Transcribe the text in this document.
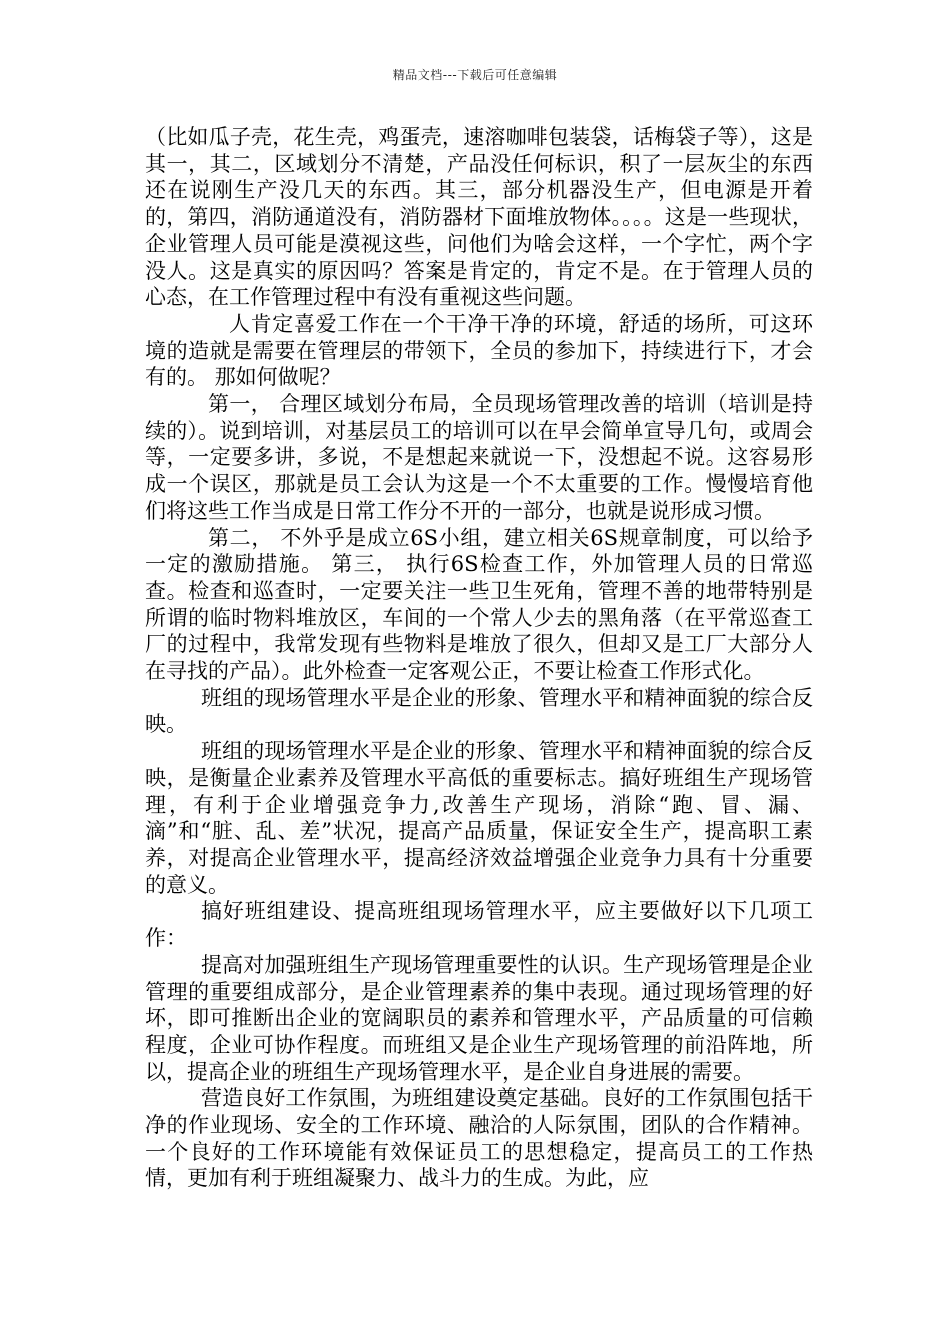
精品文档---下载后可任意编辑

（比如瓜子壳，花生壳，鸡蛋壳，速溶咖啡包装袋，话梅袋子等），这是其一，其二，区域划分不清楚，产品没任何标识，积了一层灰尘的东西还在说刚生产没几天的东西。其三，部分机器没生产，但电源是开着的，第四，消防通道没有，消防器材下面堆放物体。。。。这是一些现状，企业管理人员可能是漠视这些，问他们为啥会这样，一个字忙，两个字没人。这是真实的原因吗？答案是肯定的，肯定不是。在于管理人员的心态，在工作管理过程中有没有重视这些问题。

人肯定喜爱工作在一个干净干净的环境，舒适的场所，可这环境的造就是需要在管理层的带领下，全员的参加下，持续进行下，才会有的。 那如何做呢？

第一， 合理区域划分布局，全员现场管理改善的培训（培训是持续的）。说到培训，对基层员工的培训可以在早会简单宣导几句，或周会等，一定要多讲，多说，不是想起来就说一下，没想起不说。这容易形成一个误区，那就是员工会认为这是一个不太重要的工作。慢慢培育他们将这些工作当成是日常工作分不开的一部分，也就是说形成习惯。

第二， 不外乎是成立6S小组，建立相关6S规章制度，可以给予一定的激励措施。 第三， 执行6S检查工作，外加管理人员的日常巡查。检查和巡查时，一定要关注一些卫生死角，管理不善的地带特别是所谓的临时物料堆放区，车间的一个常人少去的黑角落（在平常巡查工厂的过程中，我常发现有些物料是堆放了很久，但却又是工厂大部分人在寻找的产品）。此外检查一定客观公正，不要让检查工作形式化。

班组的现场管理水平是企业的形象、管理水平和精神面貌的综合反映。

班组的现场管理水平是企业的形象、管理水平和精神面貌的综合反映，是衡量企业素养及管理水平高低的重要标志。搞好班组生产现场管理，有利于企业增强竞争力,改善生产现场，消除“跑、冒、漏、滴”和“脏、乱、差”状况，提高产品质量，保证安全生产，提高职工素养，对提高企业管理水平，提高经济效益增强企业竞争力具有十分重要的意义。

搞好班组建设、提高班组现场管理水平，应主要做好以下几项工作：

提高对加强班组生产现场管理重要性的认识。生产现场管理是企业管理的重要组成部分，是企业管理素养的集中表现。通过现场管理的好坏，即可推断出企业的宽阔职员的素养和管理水平，产品质量的可信赖程度，企业可协作程度。而班组又是企业生产现场管理的前沿阵地，所以，提高企业的班组生产现场管理水平，是企业自身进展的需要。

营造良好工作氛围，为班组建设奠定基础。良好的工作氛围包括干净的作业现场、安全的工作环境、融洽的人际氛围，团队的合作精神。一个良好的工作环境能有效保证员工的思想稳定，提高员工的工作热情，更加有利于班组凝聚力、战斗力的生成。为此，应
